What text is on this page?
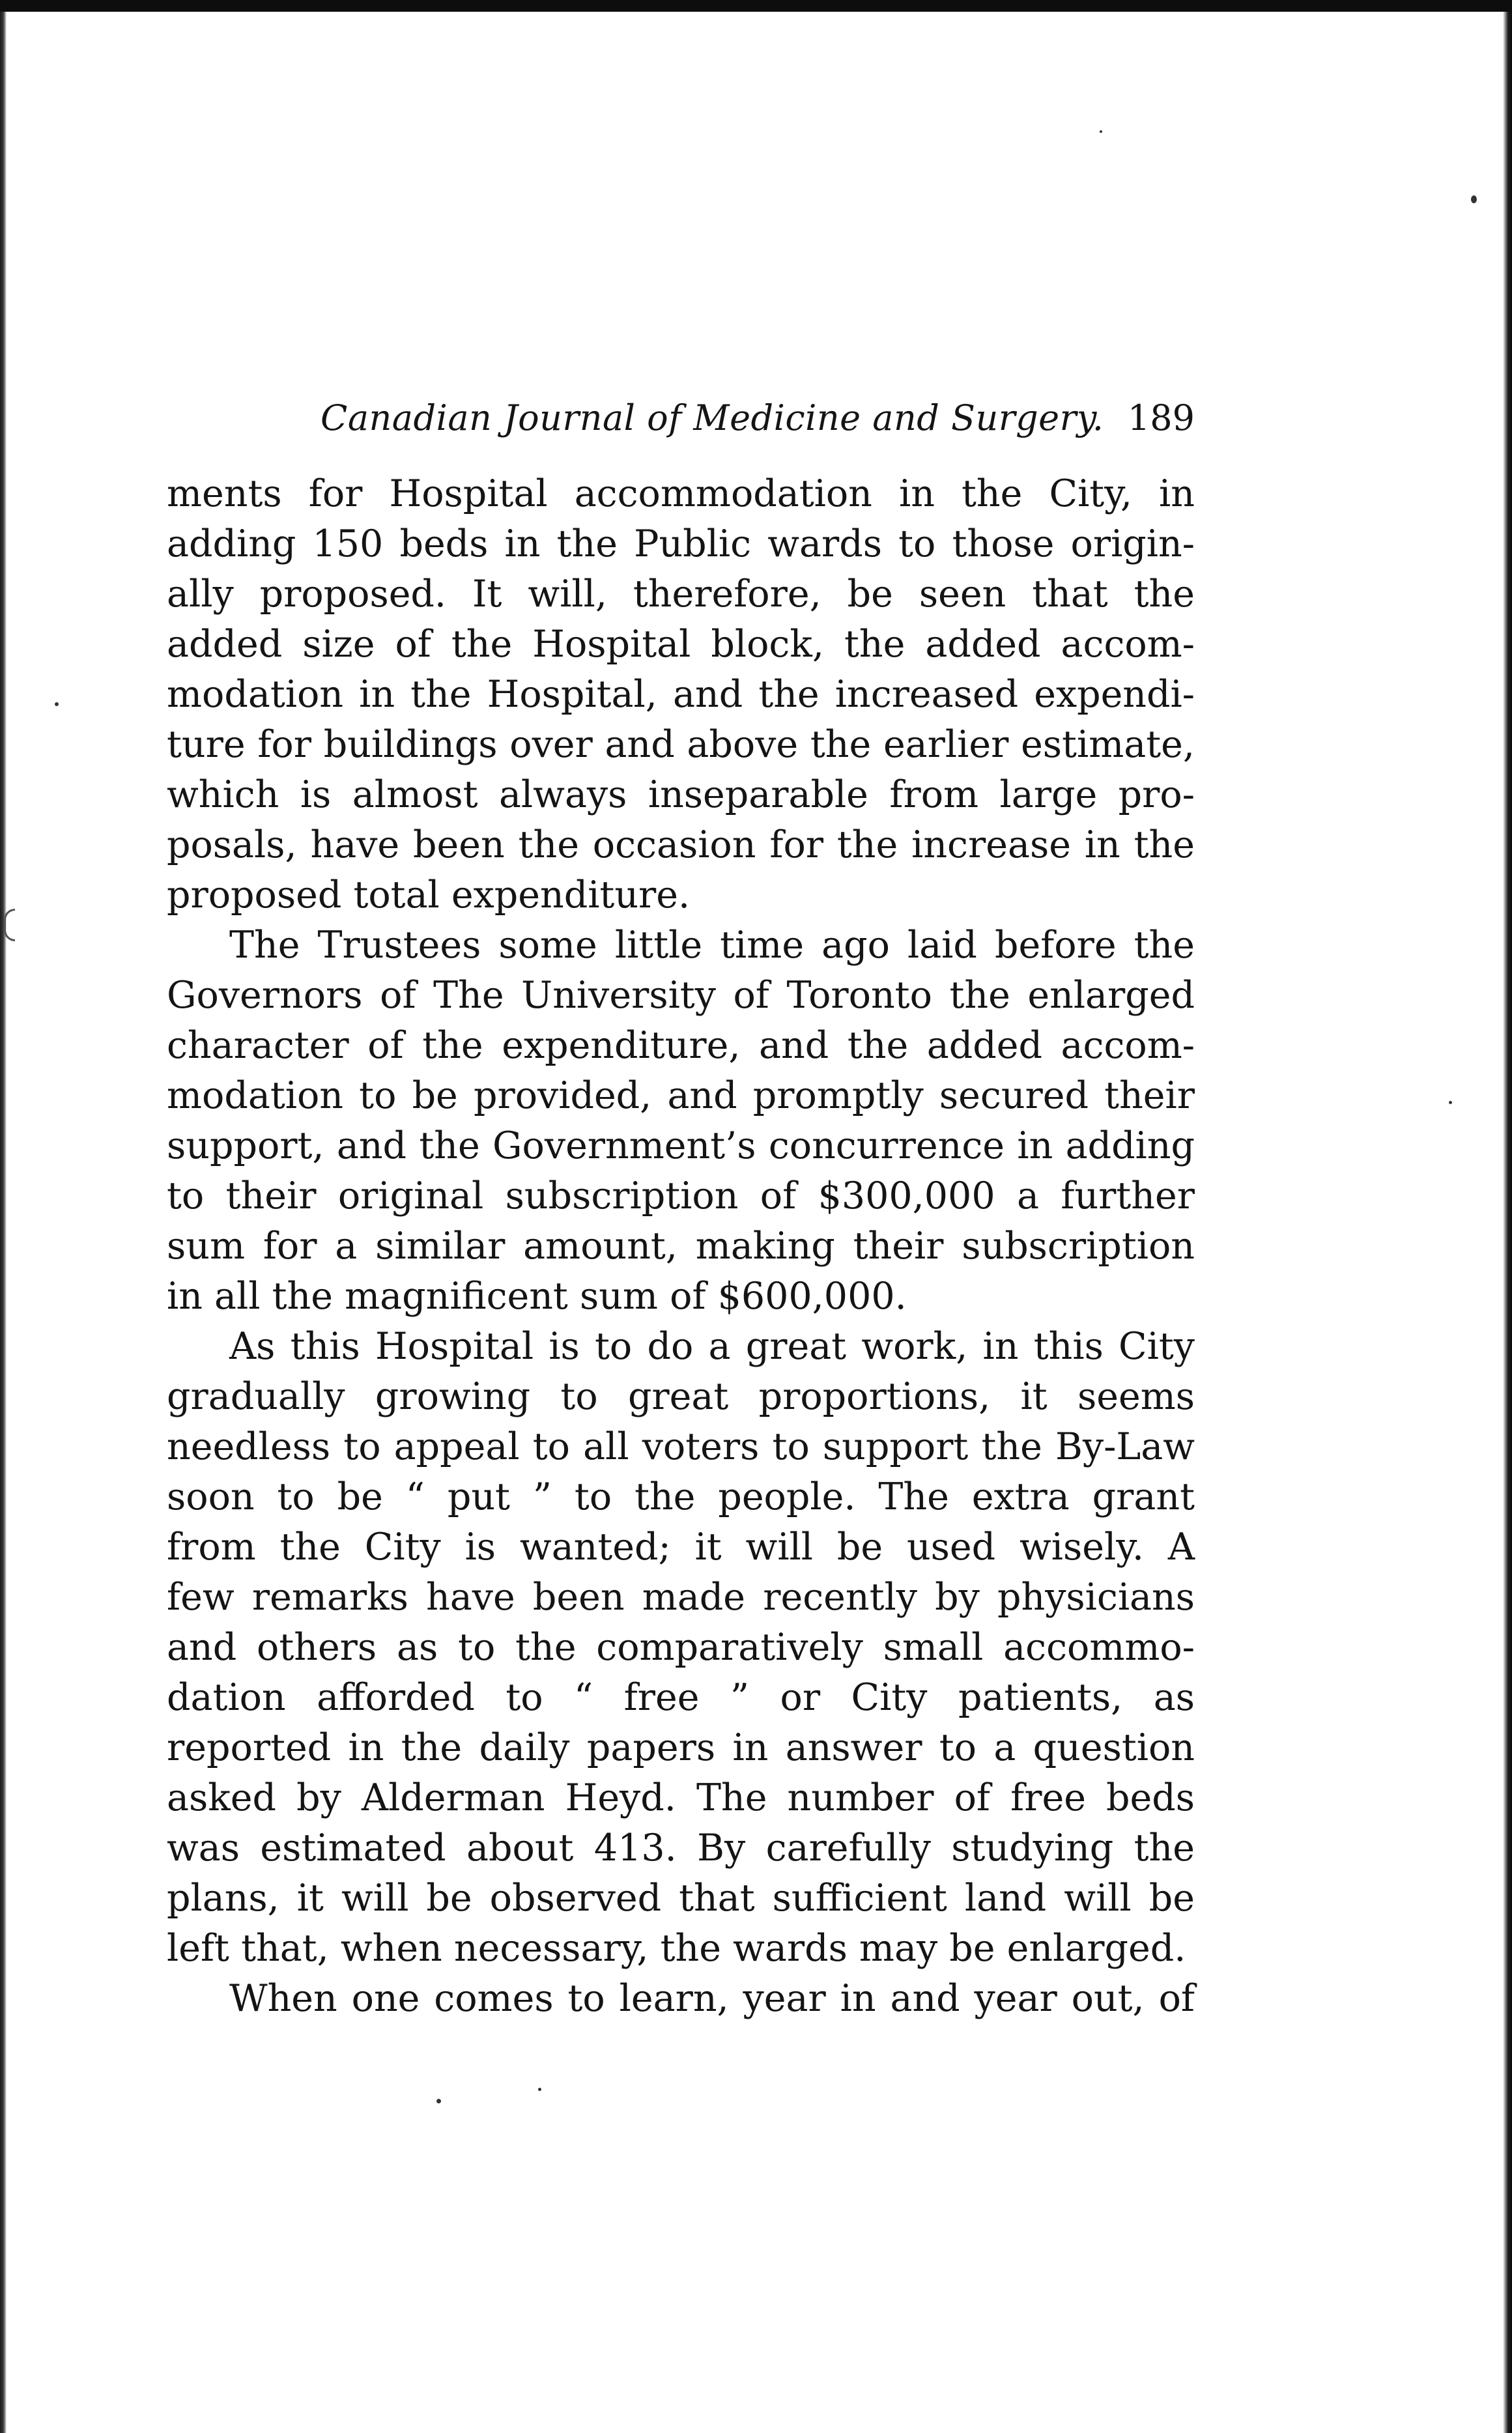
Canadian Journal of Medicine and Surgery. 189
ments for Hospital accommodation in the City, in
adding 150 beds in the Public wards to those origin-
ally proposed. It will, therefore, be seen that the
added size of the Hospital block, the added accom-
modation in the Hospital, and the increased expendi-
ture for buildings over and above the earlier estimate,
which is almost always inseparable from large pro-
posals, have been the occasion for the increase in the
proposed total expenditure.
The Trustees some little time ago laid before the
Governors of The University of Toronto the enlarged
character of the expenditure, and the added accom-
modation to be provided, and promptly secured their
support, and the Government’s concurrence in adding
to their original subscription of $300,000 a further
sum for a similar amount, making their subscription
in all the magnificent sum of $600,000.
As this Hospital is to do a great work, in this City
gradually growing to great proportions, it seems
needless to appeal to all voters to support the By-Law
soon to be “ put ” to the people. The extra grant
from the City is wanted; it will be used wisely. A
few remarks have been made recently by physicians
and others as to the comparatively small accommo-
dation afforded to “ free ” or City patients, as
reported in the daily papers in answer to a question
asked by Alderman Heyd. The number of free beds
was estimated about 413. By carefully studying the
plans, it will be observed that sufficient land will be
left that, when necessary, the wards may be enlarged.
When one comes to learn, year in and year out, of
